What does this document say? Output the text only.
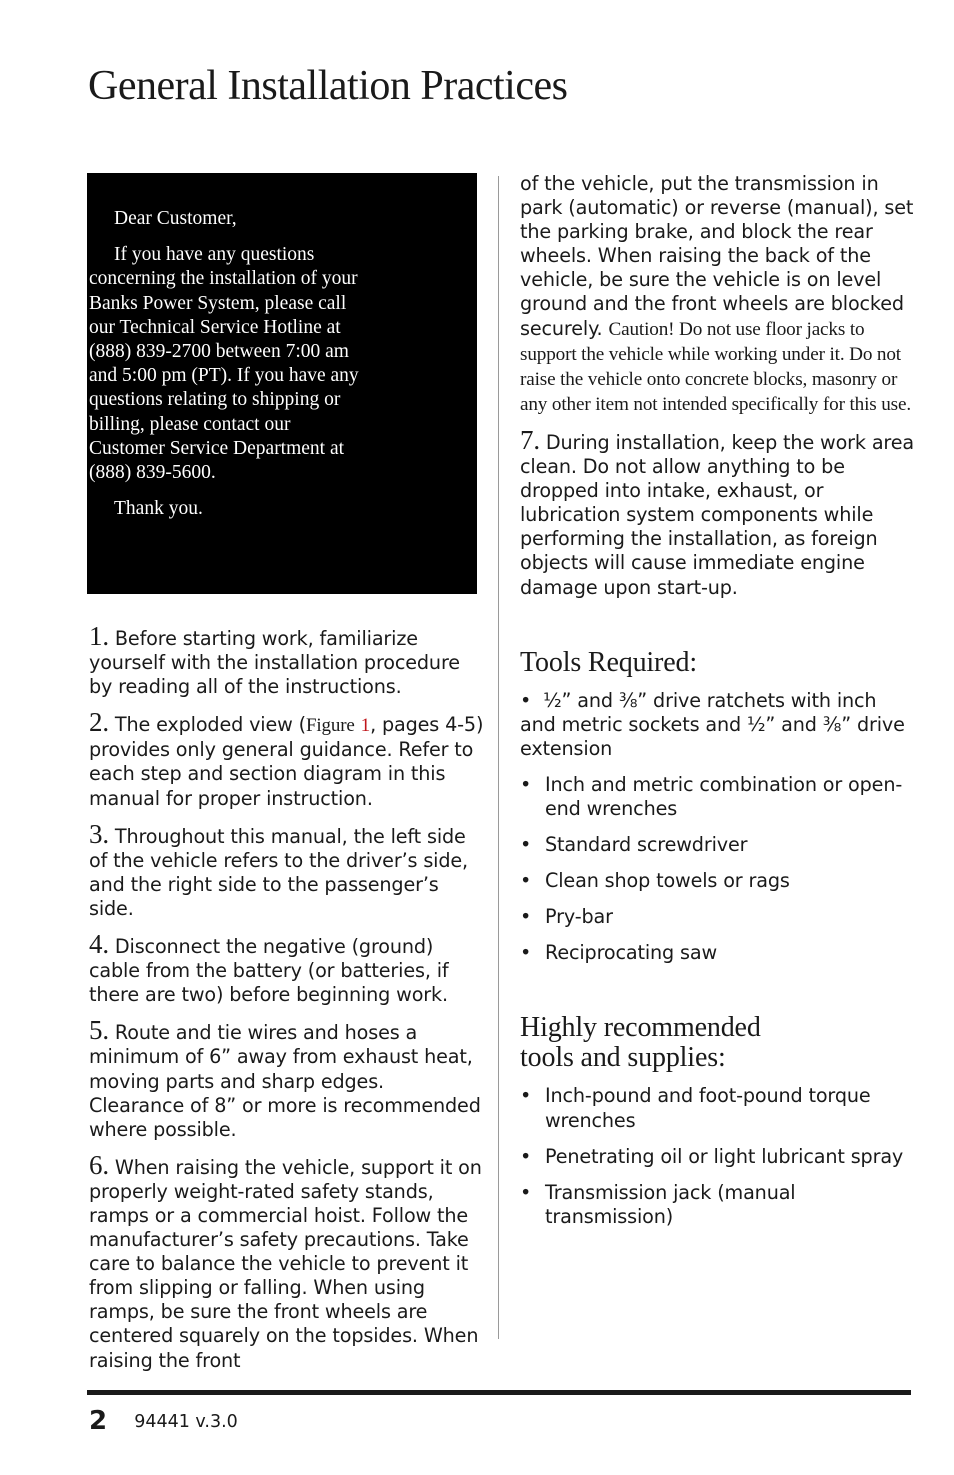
General Installation Practices

Dear Customer,

If you have any questions concerning the installation of your Banks Power System, please call our Technical Service Hotline at (888) 839-2700 between 7:00 am and 5:00 pm (PT). If you have any questions relating to shipping or billing, please contact our Customer Service Department at (888) 839-5600.

Thank you.

1. Before starting work, familiarize yourself with the installation procedure by reading all of the instructions.

2. The exploded view (Figure 1, pages 4-5) provides only general guidance. Refer to each step and section diagram in this manual for proper instruction.

3. Throughout this manual, the left side of the vehicle refers to the driver’s side, and the right side to the passenger’s side.

4. Disconnect the negative (ground) cable from the battery (or batteries, if there are two) before beginning work.

5. Route and tie wires and hoses a minimum of 6” away from exhaust heat, moving parts and sharp edges. Clearance of 8” or more is recommended where possible.

6. When raising the vehicle, support it on properly weight-rated safety stands, ramps or a commercial hoist. Follow the manufacturer’s safety precautions. Take care to balance the vehicle to prevent it from slipping or falling. When using ramps, be sure the front wheels are centered squarely on the topsides. When raising the front

of the vehicle, put the transmission in park (automatic) or reverse (manual), set the parking brake, and block the rear wheels. When raising the back of the vehicle, be sure the vehicle is on level ground and the front wheels are blocked securely. Caution! Do not use floor jacks to support the vehicle while working under it. Do not raise the vehicle onto concrete blocks, masonry or any other item not intended specifically for this use.

7. During installation, keep the work area clean. Do not allow anything to be dropped into intake, exhaust, or lubrication system components while performing the installation, as foreign objects will cause immediate engine damage upon start-up.

Tools Required:
•  ½” and ⅜” drive ratchets with inch and metric sockets and ½” and ⅜” drive extension
• Inch and metric combination or open-end wrenches
• Standard screwdriver
• Clean shop towels or rags
• Pry-bar
• Reciprocating saw
Highly recommended tools and supplies:
• Inch-pound and foot-pound torque wrenches
• Penetrating oil or light lubricant spray
• Transmission jack (manual transmission)
2 94441 v.3.0
